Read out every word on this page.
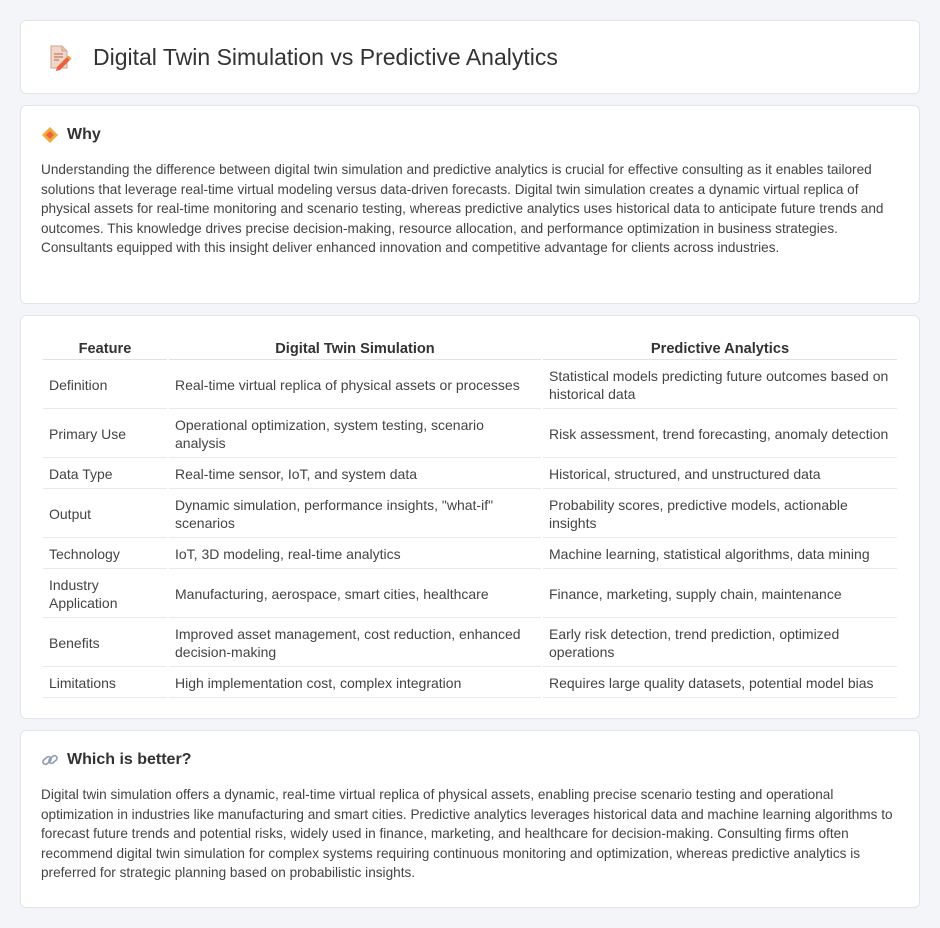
Digital Twin Simulation vs Predictive Analytics
Why

Understanding the difference between digital twin simulation and predictive analytics is crucial for effective consulting as it enables tailored solutions that leverage real-time virtual modeling versus data-driven forecasts. Digital twin simulation creates a dynamic virtual replica of physical assets for real-time monitoring and scenario testing, whereas predictive analytics uses historical data to anticipate future trends and outcomes. This knowledge drives precise decision-making, resource allocation, and performance optimization in business strategies. Consultants equipped with this insight deliver enhanced innovation and competitive advantage for clients across industries.

Feature	Digital Twin Simulation	Predictive Analytics
Definition	Real-time virtual replica of physical assets or processes	Statistical models predicting future outcomes based on historical data
Primary Use	Operational optimization, system testing, scenario analysis	Risk assessment, trend forecasting, anomaly detection
Data Type	Real-time sensor, IoT, and system data	Historical, structured, and unstructured data
Output	Dynamic simulation, performance insights, "what-if" scenarios	Probability scores, predictive models, actionable insights
Technology	IoT, 3D modeling, real-time analytics	Machine learning, statistical algorithms, data mining
Industry Application	Manufacturing, aerospace, smart cities, healthcare	Finance, marketing, supply chain, maintenance
Benefits	Improved asset management, cost reduction, enhanced decision-making	Early risk detection, trend prediction, optimized operations
Limitations	High implementation cost, complex integration	Requires large quality datasets, potential model bias
Which is better?

Digital twin simulation offers a dynamic, real-time virtual replica of physical assets, enabling precise scenario testing and operational optimization in industries like manufacturing and smart cities. Predictive analytics leverages historical data and machine learning algorithms to forecast future trends and potential risks, widely used in finance, marketing, and healthcare for decision-making. Consulting firms often recommend digital twin simulation for complex systems requiring continuous monitoring and optimization, whereas predictive analytics is preferred for strategic planning based on probabilistic insights.
